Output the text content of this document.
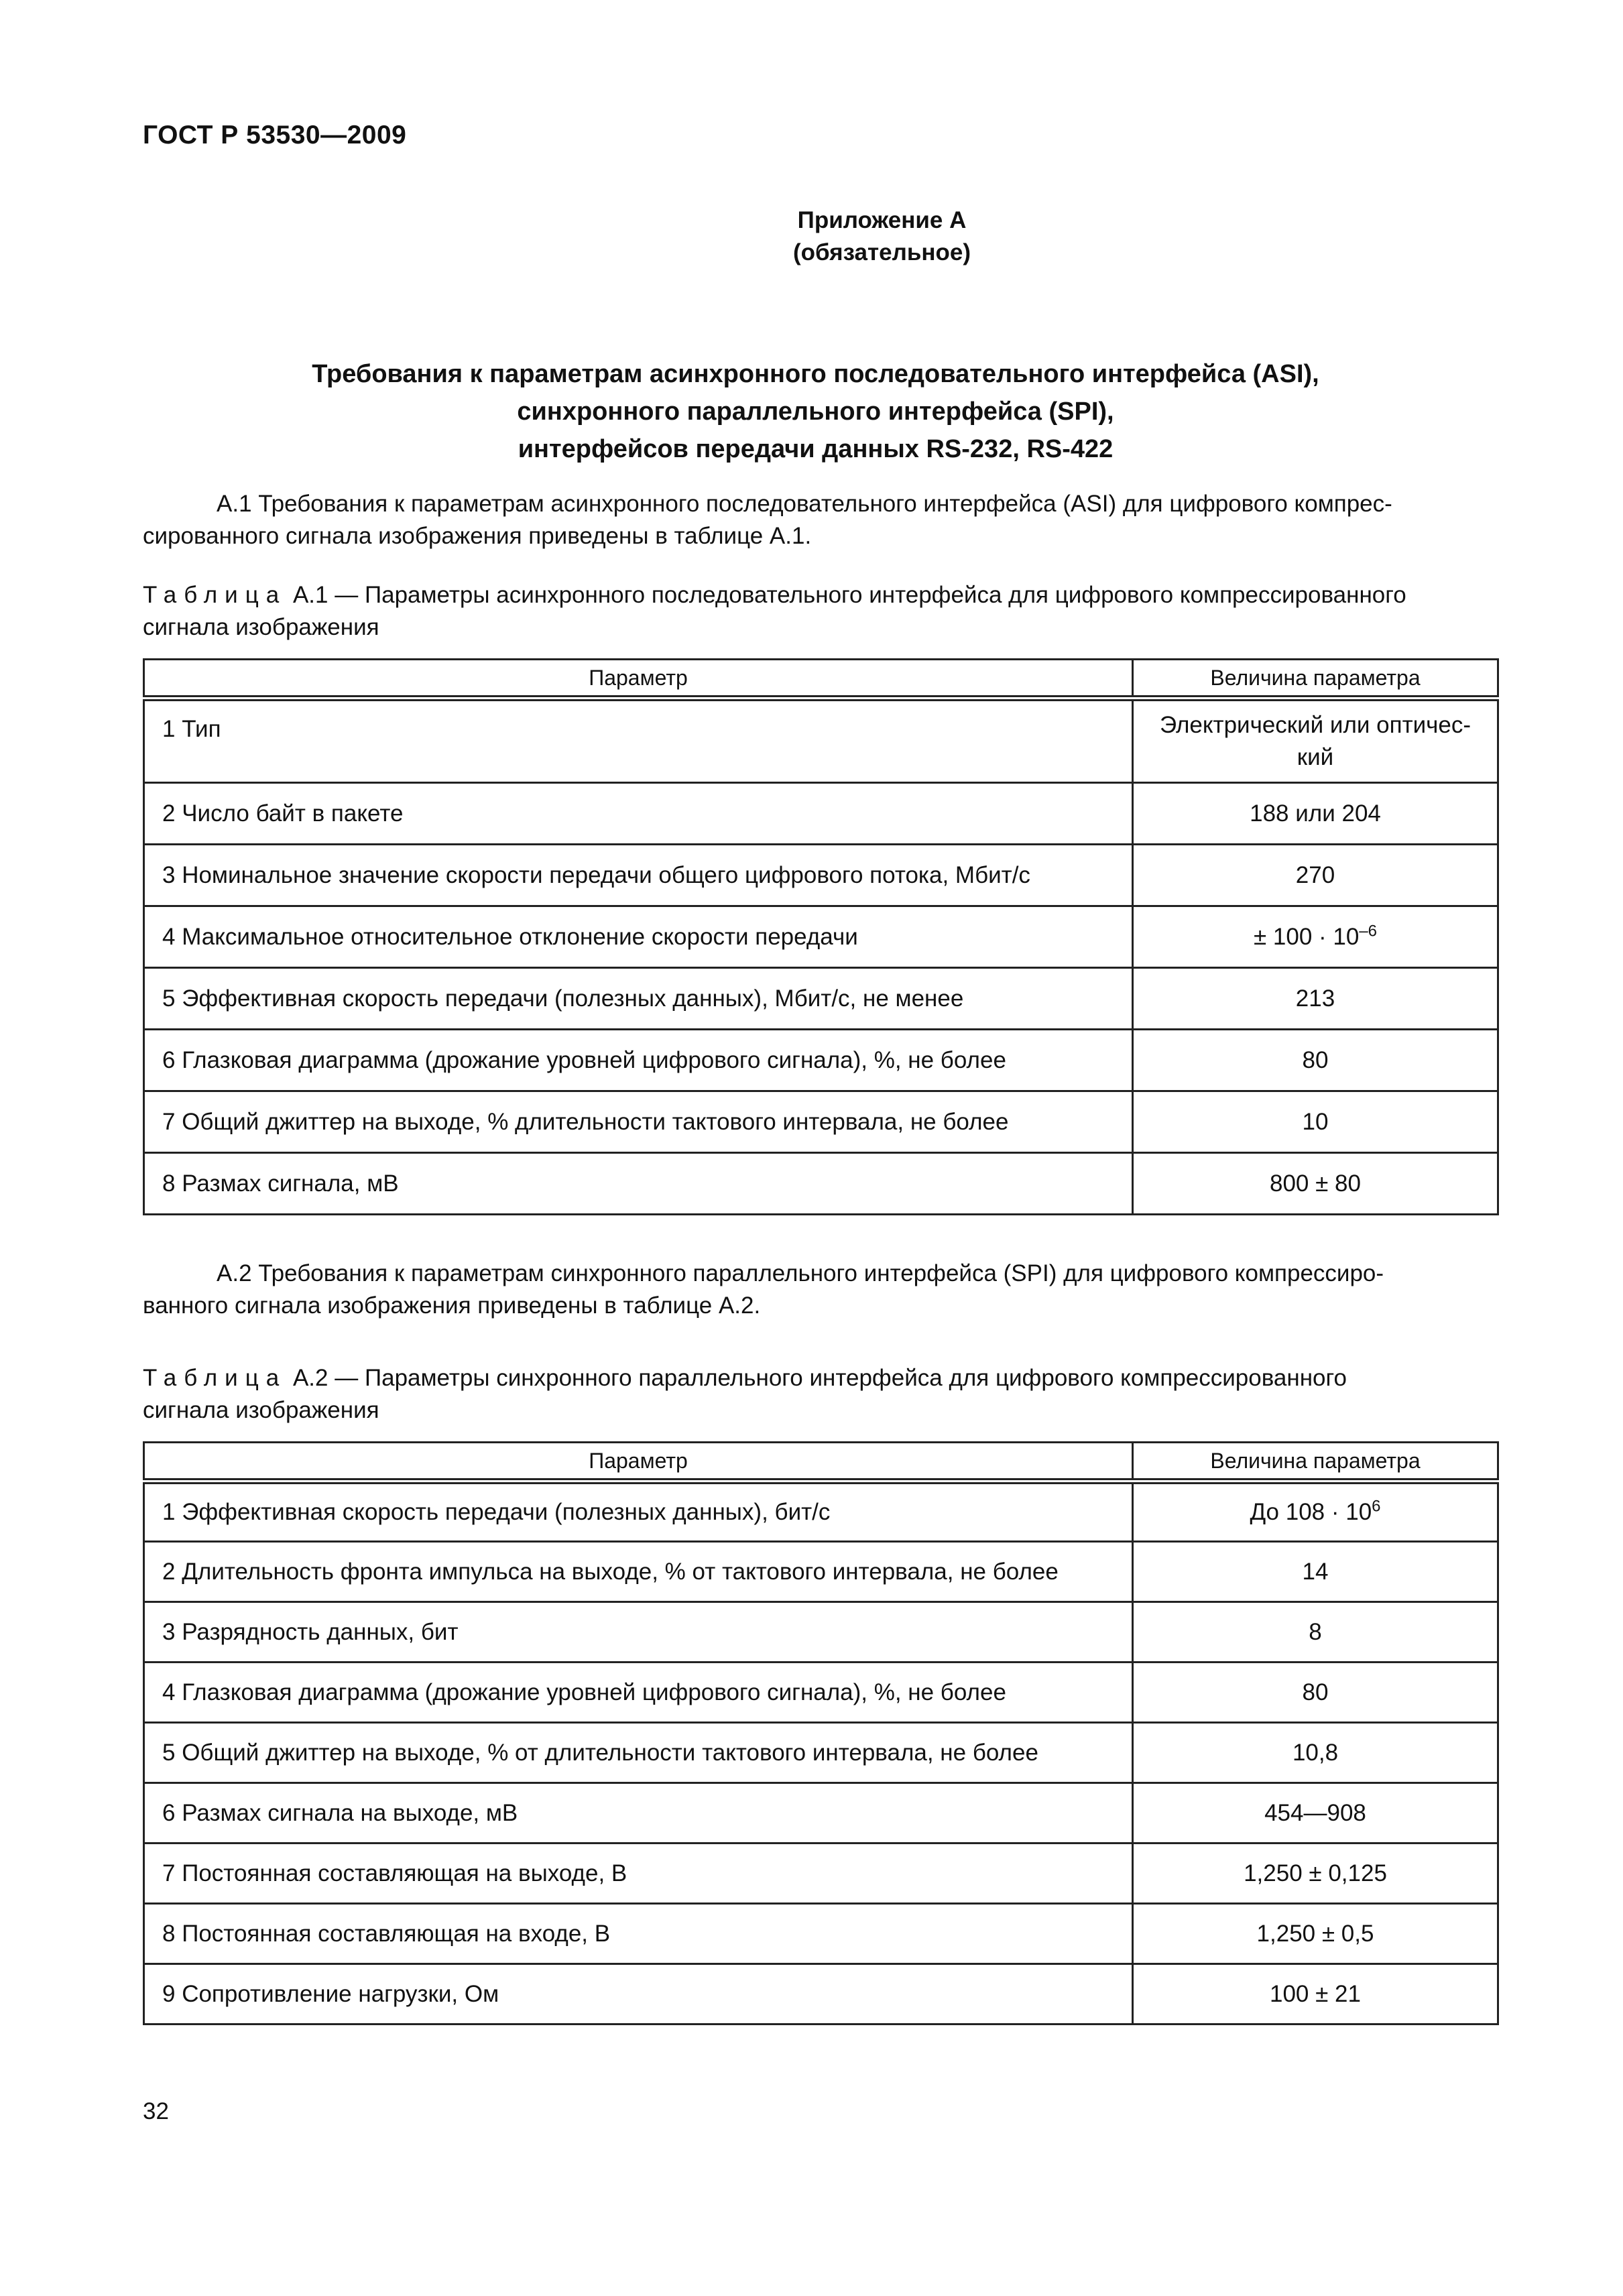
ГОСТ Р 53530—2009
Приложение А
(обязательное)
Требования к параметрам асинхронного последовательного интерфейса (ASI),
синхронного параллельного интерфейса (SPI),
интерфейсов передачи данных RS-232, RS-422
А.1 Требования к параметрам асинхронного последовательного интерфейса (ASI) для цифрового компрес-
сированного сигнала изображения приведены в таблице А.1.
Таблица А.1 — Параметры асинхронного последовательного интерфейса для цифрового компрессированного
сигнала изображения
Параметр	Величина параметра
1 Тип	Электрический или оптичес-кий
2 Число байт в пакете	188 или 204
3 Номинальное значение скорости передачи общего цифрового потока, Мбит/с	270
4 Максимальное относительное отклонение скорости передачи	± $100 \cdot 10^{-6}$
5 Эффективная скорость передачи (полезных данных), Мбит/с, не менее	213
6 Глазковая диаграмма (дрожание уровней цифрового сигнала), %, не более	80
7 Общий джиттер на выходе, % длительности тактового интервала, не более	10
8 Размах сигнала, мВ	800 ± 80
А.2 Требования к параметрам синхронного параллельного интерфейса (SPI) для цифрового компрессиро-
ванного сигнала изображения приведены в таблице А.2.
Таблица А.2 — Параметры синхронного параллельного интерфейса для цифрового компрессированного
сигнала изображения
Параметр	Величина параметра
1 Эффективная скорость передачи (полезных данных), бит/с	До $108 \cdot 10^6$
2 Длительность фронта импульса на выходе, % от тактового интервала, не более	14
3 Разрядность данных, бит	8
4 Глазковая диаграмма (дрожание уровней цифрового сигнала), %, не более	80
5 Общий джиттер на выходе, % от длительности тактового интервала, не более	10,8
6 Размах сигнала на выходе, мВ	454—908
7 Постоянная составляющая на выходе, В	1,250 ± 0,125
8 Постоянная составляющая на входе, В	1,250 ± 0,5
9 Сопротивление нагрузки, Ом	100 ± 21
32
